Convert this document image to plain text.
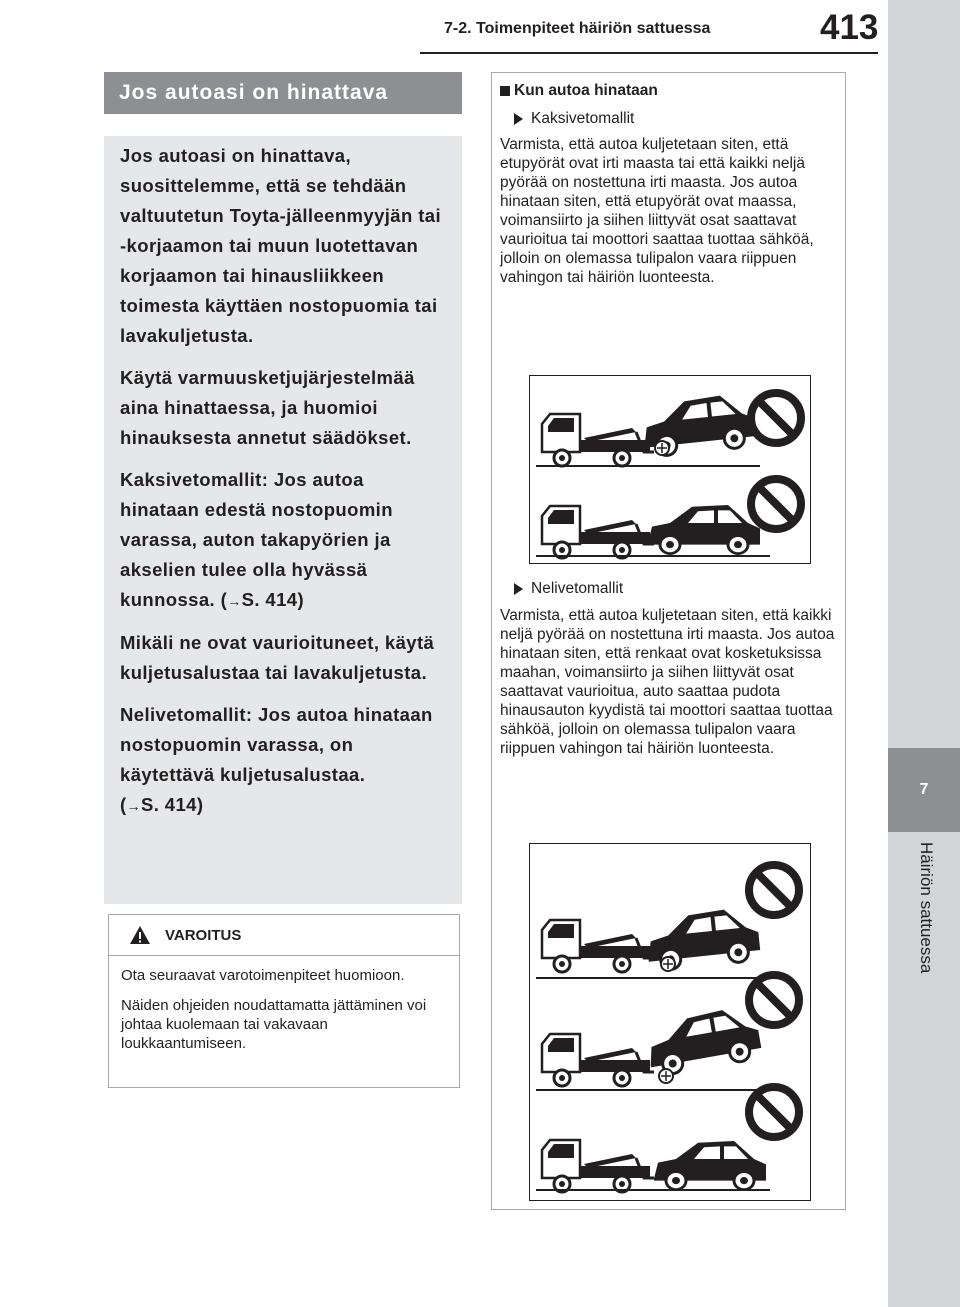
7-2. Toimenpiteet häiriön sattuessa	413
7
Häiriön sattuessa
Jos autoasi on hinattava

Jos autoasi on hinattava, suosittelemme, että se tehdään valtuutetun Toyta-jälleenmyyjän tai -korjaamon tai muun luotettavan korjaamon tai hinausliikkeen toimesta käyttäen nostopuomia tai lavakuljetusta.

Käytä varmuusketjujärjestelmää aina hinattaessa, ja huomioi hinauksesta annetut säädökset.

Kaksivetomallit: Jos autoa hinataan edestä nostopuomin varassa, auton takapyörien ja akselien tulee olla hyvässä kunnossa. (→S. 414)

Mikäli ne ovat vaurioituneet, käytä kuljetusalustaa tai lavakuljetusta.

Nelivetomallit: Jos autoa hinataan nostopuomin varassa, on käytettävä kuljetusalustaa.
(→S. 414)

VAROITUS

Ota seuraavat varotoimenpiteet huomioon.

Näiden ohjeiden noudattamatta jättäminen voi johtaa kuolemaan tai vakavaan loukkaantumiseen.

Kun autoa hinataan
Kaksivetomallit
Varmista, että autoa kuljetetaan siten, että etupyörät ovat irti maasta tai että kaikki neljä pyörää on nostettuna irti maasta. Jos autoa hinataan siten, että etupyörät ovat maassa, voimansiirto ja siihen liittyvät osat saattavat vaurioitua tai moottori saattaa tuottaa sähköä, jolloin on olemassa tulipalon vaara riippuen vahingon tai häiriön luonteesta.
Nelivetomallit
Varmista, että autoa kuljetetaan siten, että kaikki neljä pyörää on nostettuna irti maasta. Jos autoa hinataan siten, että renkaat ovat kosketuksissa maahan, voimansiirto ja siihen liittyvät osat saattavat vaurioitua, auto saattaa pudota hinausauton kyydistä tai moottori saattaa tuottaa sähköä, jolloin on olemassa tulipalon vaara riippuen vahingon tai häiriön luonteesta.
